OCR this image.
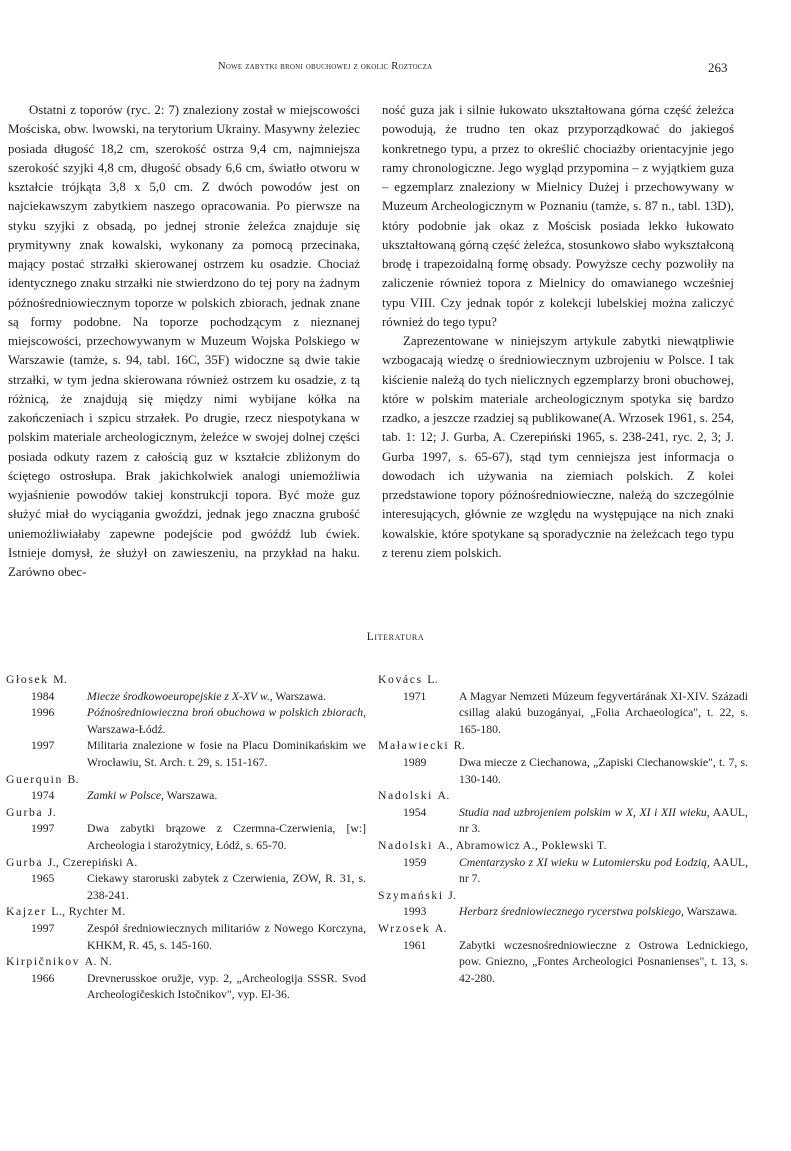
Nowe zabytki broni obuchowej z okolic Roztocza	263

Ostatni z toporów (ryc. 2: 7) znaleziony został w miejscowości Mościska, obw. lwowski, na terytorium Ukrainy. Masywny żeleziec posiada długość 18,2 cm, szerokość ostrza 9,4 cm, najmniejsza szerokość szyjki 4,8 cm, długość obsady 6,6 cm, światło otworu w kształcie trójkąta 3,8 x 5,0 cm. Z dwóch powodów jest on najciekawszym zabytkiem naszego opracowania. Po pierwsze na styku szyjki z obsadą, po jednej stronie żeleźca znajduje się prymitywny znak kowalski, wykonany za pomocą przecinaka, mający postać strzałki skierowanej ostrzem ku osadzie. Chociaż identycznego znaku strzałki nie stwierdzono do tej pory na żadnym późnośredniowiecznym toporze w polskich zbiorach, jednak znane są formy podobne. Na toporze pochodzącym z nieznanej miejscowości, przechowywanym w Muzeum Wojska Polskiego w Warszawie (tamże, s. 94, tabl. 16C, 35F) widoczne są dwie takie strzałki, w tym jedna skierowana również ostrzem ku osadzie, z tą różnicą, że znajdują się między nimi wybijane kółka na zakończeniach i szpicu strzałek. Po drugie, rzecz niespotykana w polskim materiale archeologicznym, żeleźce w swojej dolnej części posiada odkuty razem z całością guz w kształcie zbliżonym do ściętego ostrosłupa. Brak jakichkolwiek analogi uniemożliwia wyjaśnienie powodów takiej konstrukcji topora. Być może guz służyć miał do wyciągania gwoździ, jednak jego znaczna grubość uniemożliwiałaby zapewne podejście pod gwóźdź lub ćwiek. Istnieje domysł, że służył on zawieszeniu, na przykład na haku. Zarówno obec-

ność guza jak i silnie łukowato ukształtowana górna część żeleźca powodują, że trudno ten okaz przyporządkować do jakiegoś konkretnego typu, a przez to określić chociażby orientacyjnie jego ramy chronologiczne. Jego wygląd przypomina – z wyjątkiem guza – egzemplarz znaleziony w Mielnicy Dużej i przechowywany w Muzeum Archeologicznym w Poznaniu (tamże, s. 87 n., tabl. 13D), który podobnie jak okaz z Mościsk posiada lekko łukowato ukształtowaną górną część żeleźca, stosunkowo słabo wykształconą brodę i trapezoidalną formę obsady. Powyższe cechy pozwoliły na zaliczenie również topora z Mielnicy do omawianego wcześniej typu VIII. Czy jednak topór z kolekcji lubelskiej można zaliczyć również do tego typu?

Zaprezentowane w niniejszym artykule zabytki niewątpliwie wzbogacają wiedzę o średniowiecznym uzbrojeniu w Polsce. I tak kiścienie należą do tych nielicznych egzemplarzy broni obuchowej, które w polskim materiale archeologicznym spotyka się bardzo rzadko, a jeszcze rzadziej są publikowane(A. Wrzosek 1961, s. 254, tab. 1: 12; J. Gurba, A. Czerepiński 1965, s. 238-241, ryc. 2, 3; J. Gurba 1997, s. 65-67), stąd tym cenniejsza jest informacja o dowodach ich używania na ziemiach polskich. Z kolei przedstawione topory późnośredniowieczne, należą do szczególnie interesujących, głównie ze względu na występujące na nich znaki kowalskie, które spotykane są sporadycznie na żeleźcach tego typu z terenu ziem polskich.

Literatura

Głosek M.

1984	Miecze środkowoeuropejskie z X-XV w., Warszawa.

1996	Późnośredniowieczna broń obuchowa w polskich zbiorach, Warszawa-Łódź.

1997	Militaria znalezione w fosie na Placu Dominikańskim we Wrocławiu, St. Arch. t. 29, s. 151-167.

Guerquin B.

1974	Zamki w Polsce, Warszawa.

Gurba J.

1997	Dwa zabytki brązowe z Czermna-Czerwienia, [w:] Archeologia i starożytnicy, Łódź, s. 65-70.

Gurba J., Czerepiński A.

1965	Ciekawy staroruski zabytek z Czerwienia, ZOW, R. 31, s. 238-241.

Kajzer L., Rychter M.

1997	Zespół średniowiecznych militariów z Nowego Korczyna, KHKM, R. 45, s. 145-160.

Kirpičnikov A. N.

1966	Drevnerusskoe oružje, vyp. 2, „Archeologija SSSR. Svod Archeologičeskich Istočnikov", vyp. El-36.

Kovács L.

1971	A Magyar Nemzeti Múzeum fegyvertárának XI-XIV. Századi csillag alakú buzogányai, „Folia Archaeologica", t. 22, s. 165-180.

Maławiecki R.

1989	Dwa miecze z Ciechanowa, „Zapiski Ciechanowskie", t. 7, s. 130-140.

Nadolski A.

1954	Studia nad uzbrojeniem polskim w X, XI i XII wieku, AAUL, nr 3.

Nadolski A., Abramowicz A., Poklewski T.

1959	Cmentarzysko z XI wieku w Lutomiersku pod Łodzią, AAUL, nr 7.

Szymański J.

1993	Herbarz średniowiecznego rycerstwa polskiego, Warszawa.

Wrzosek A.

1961	Zabytki wczesnośredniowieczne z Ostrowa Lednickiego, pow. Gniezno, „Fontes Archeologici Posnanienses", t. 13, s. 42-280.
